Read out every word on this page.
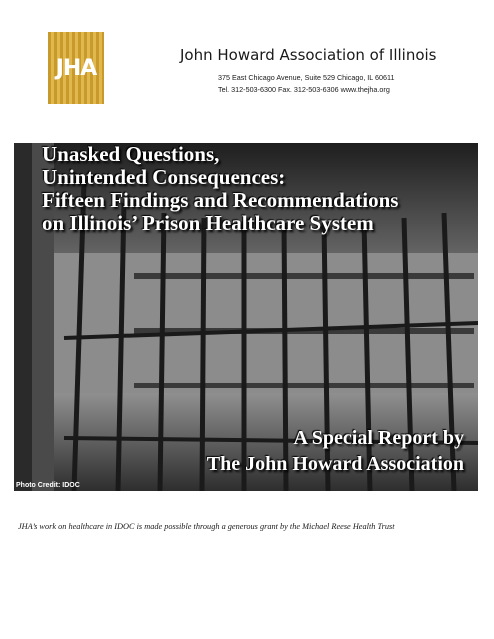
JHA
John Howard Association of Illinois
375 East Chicago Avenue, Suite 529 Chicago, IL 60611
Tel. 312-503-6300 Fax. 312-503-6306 www.thejha.org
Unasked Questions,
Unintended Consequences:
Fifteen Findings and Recommendations
on Illinois’ Prison Healthcare System
A Special Report by
The John Howard Association
Photo Credit: IDOC
JHA’s work on healthcare in IDOC is made possible through a generous grant by the Michael Reese Health Trust
